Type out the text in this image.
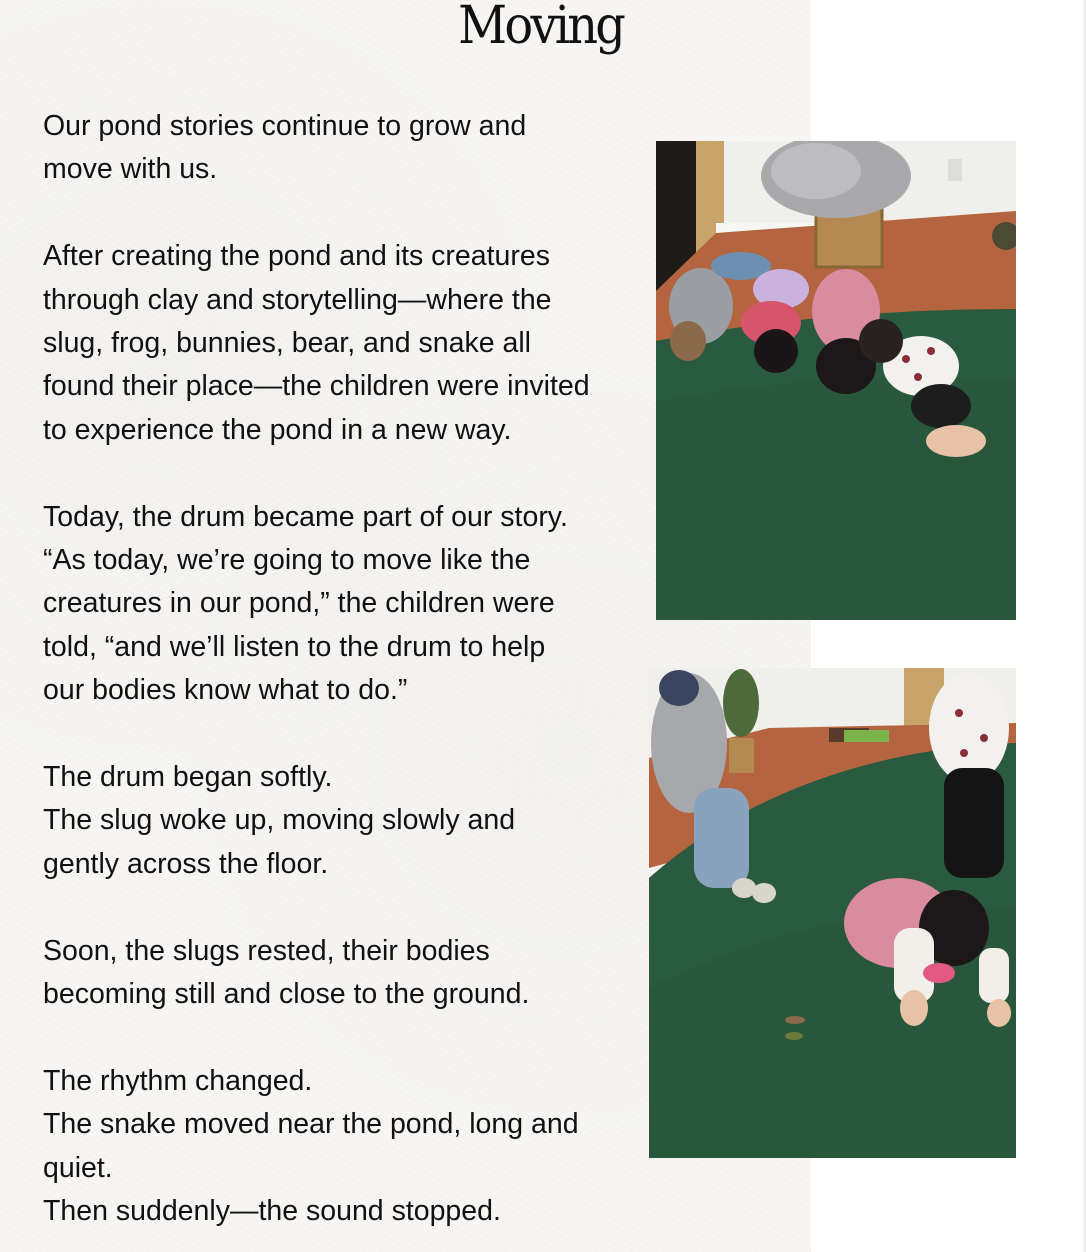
Moving

Our pond stories continue to grow and
move with us.

After creating the pond and its creatures
through clay and storytelling—where the
slug, frog, bunnies, bear, and snake all
found their place—the children were invited
to experience the pond in a new way.

Today, the drum became part of our story.
“As today, we’re going to move like the
creatures in our pond,” the children were
told, “and we’ll listen to the drum to help
our bodies know what to do.”

The drum began softly.
The slug woke up, moving slowly and
gently across the floor.

Soon, the slugs rested, their bodies
becoming still and close to the ground.

The rhythm changed.
The snake moved near the pond, long and
quiet.
Then suddenly—the sound stopped.
